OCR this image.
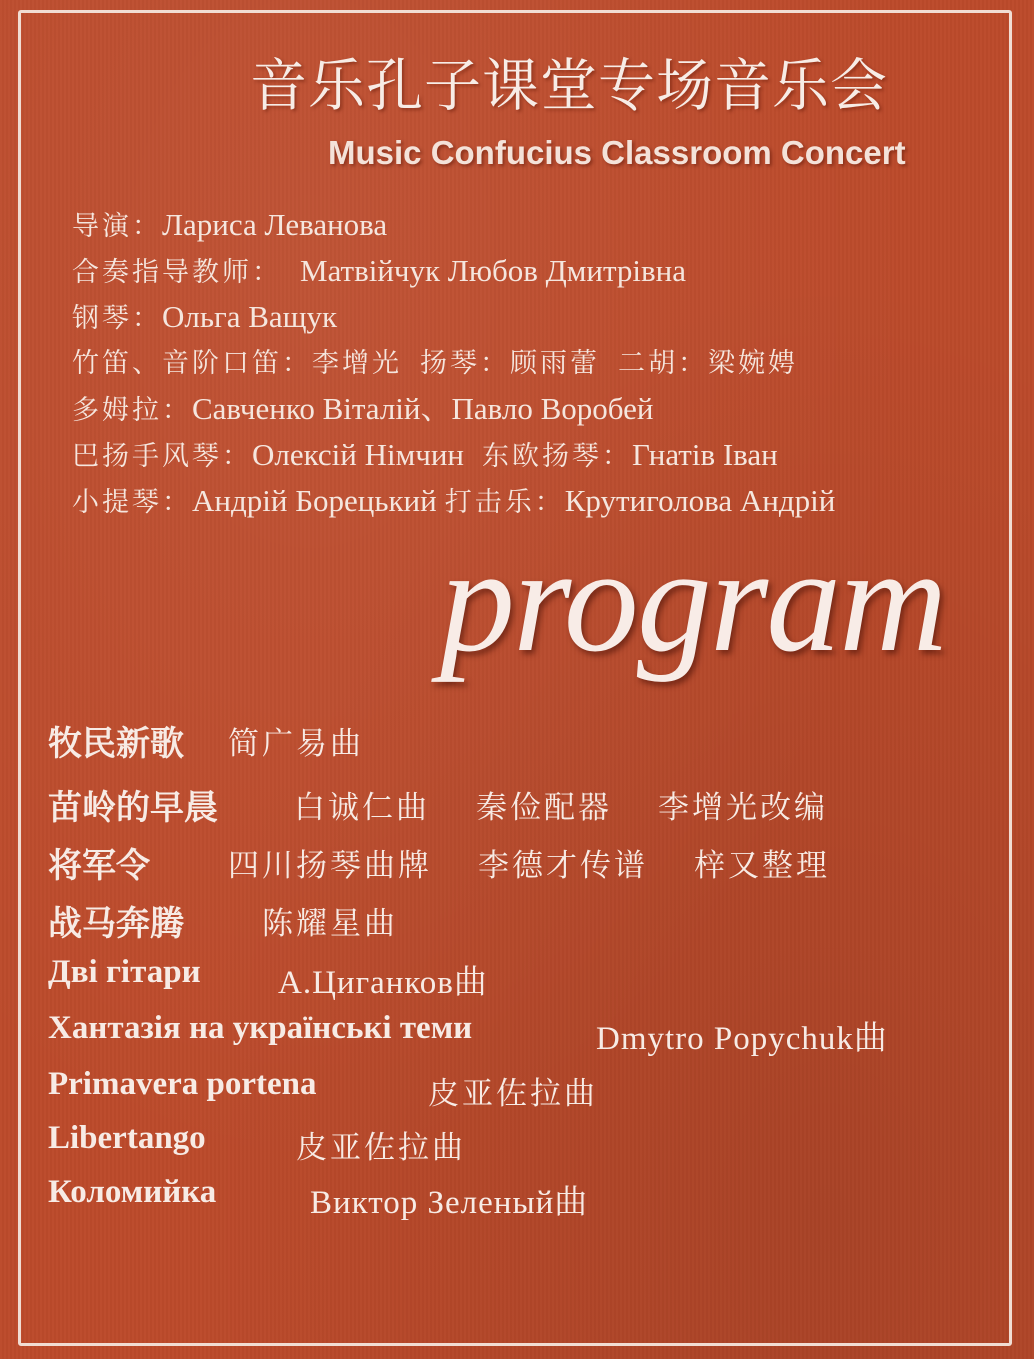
音乐孔子课堂专场音乐会
Music Confucius Classroom Concert
导演：Лариса Леванова
合奏指导教师： Матвійчук Любов Дмитрівна
钢琴：Ольга Ващук
竹笛、音阶口笛：李增光 扬琴：顾雨蕾 二胡：梁婉娉
多姆拉：Савченко Віталій、Павло Воробей
巴扬手风琴：Олексій Німчин 东欧扬琴：Гнатів Іван
小提琴：Андрій Борецький 打击乐：Крутиголова Андрій
program
牧民新歌 简广易曲
苗岭的早晨 白诚仁曲 秦俭配器 李增光改编
将军令	四川扬琴曲牌 李德才传谱 梓又整理
战马奔腾	陈耀星曲
Дві гітари А.Циганков曲
Хантазія на українські теми	Dmytro Popychuk曲
Primavera portena	皮亚佐拉曲
Libertango	皮亚佐拉曲
Коломийка	Виктор Зеленый曲
